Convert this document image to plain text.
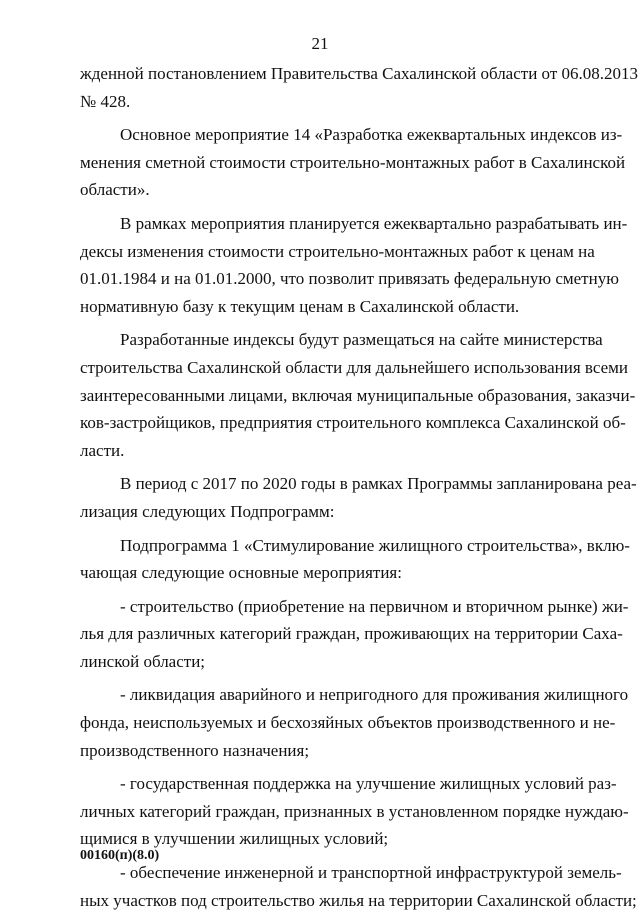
21
жденной постановлением Правительства Сахалинской области от 06.08.2013
№ 428.
Основное мероприятие 14 «Разработка ежеквартальных индексов из-
менения сметной стоимости строительно-монтажных работ в Сахалинской
области».
В рамках мероприятия планируется ежеквартально разрабатывать ин-
дексы изменения стоимости строительно-монтажных работ к ценам на
01.01.1984 и на 01.01.2000, что позволит привязать федеральную сметную
нормативную базу к текущим ценам в Сахалинской области.
Разработанные индексы будут размещаться на сайте министерства
строительства Сахалинской области для дальнейшего использования всеми
заинтересованными лицами, включая муниципальные образования, заказчи-
ков-застройщиков, предприятия строительного комплекса Сахалинской об-
ласти.
В период с 2017 по 2020 годы в рамках Программы запланирована реа-
лизация следующих Подпрограмм:
Подпрограмма 1 «Стимулирование жилищного строительства», вклю-
чающая следующие основные мероприятия:
- строительство (приобретение на первичном и вторичном рынке) жи-
лья для различных категорий граждан, проживающих на территории Саха-
линской области;
- ликвидация аварийного и непригодного для проживания жилищного
фонда, неиспользуемых и бесхозяйных объектов производственного и не-
производственного назначения;
- государственная поддержка на улучшение жилищных условий раз-
личных категорий граждан, признанных в установленном порядке нуждаю-
щимися в улучшении жилищных условий;
- обеспечение инженерной и транспортной инфраструктурой земель-
ных участков под строительство жилья на территории Сахалинской области;
00160(п)(8.0)
